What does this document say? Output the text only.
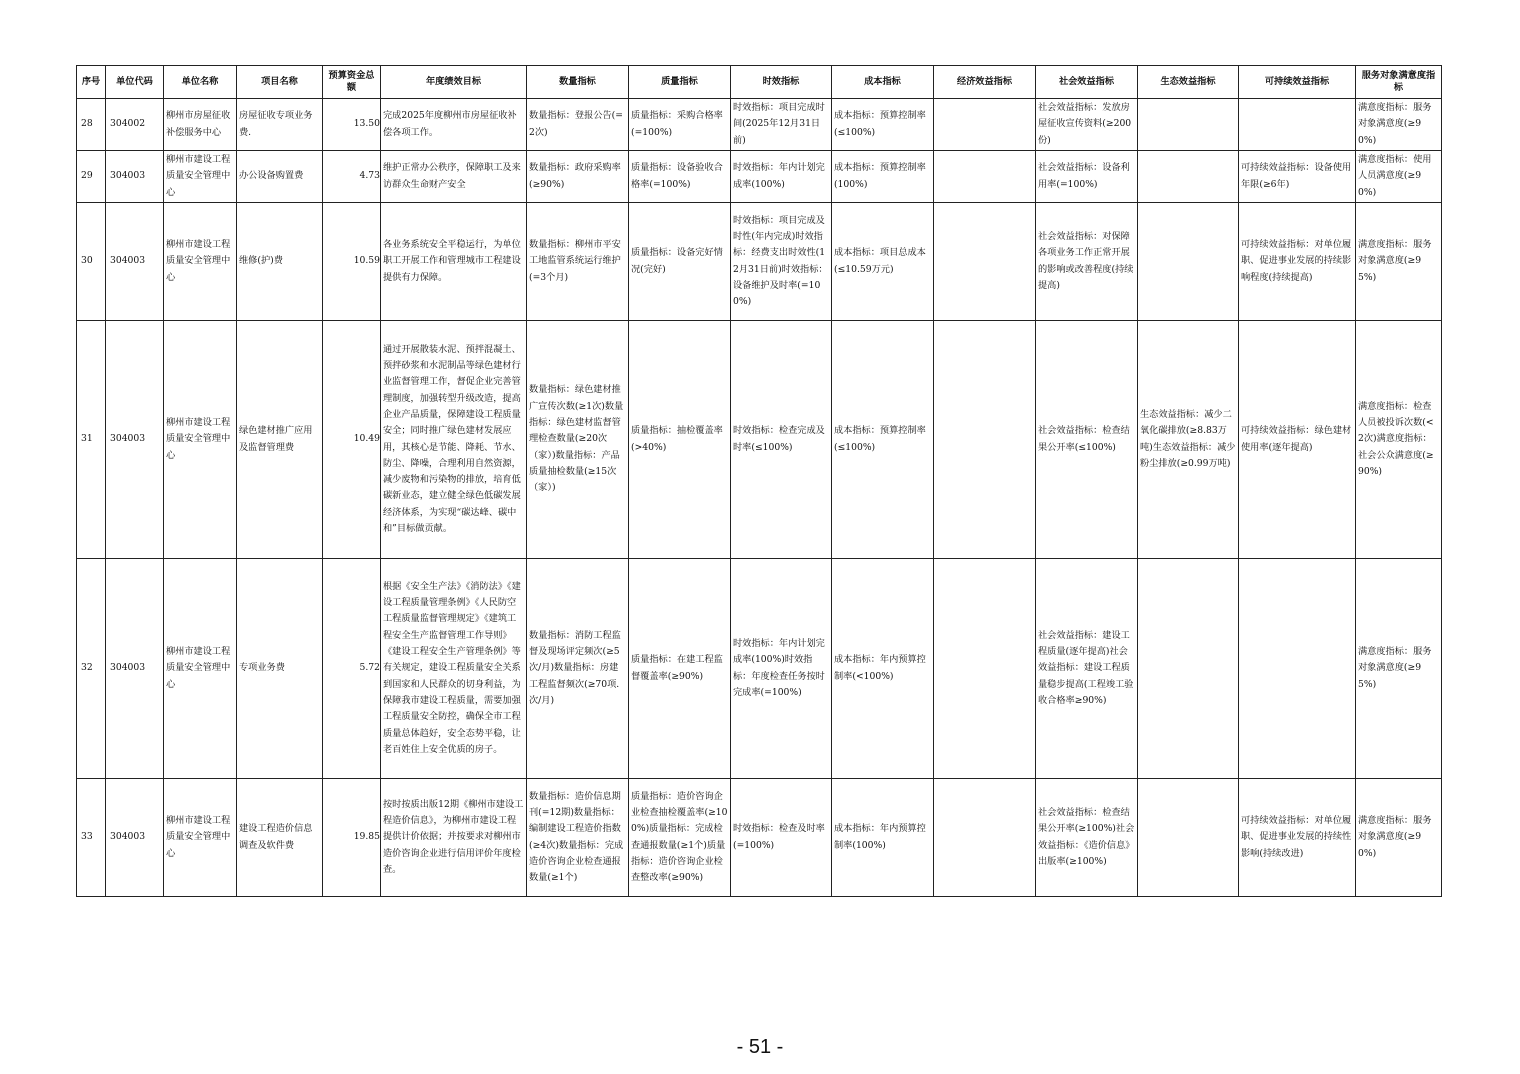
序号	单位代码	单位名称	项目名称	预算资金总额	年度绩效目标	数量指标	质量指标	时效指标	成本指标	经济效益指标	社会效益指标	生态效益指标	可持续效益指标	服务对象满意度指标
28	304002	柳州市房屋征收补偿服务中心	房屋征收专项业务费.	13.50	完成2025年度柳州市房屋征收补偿各项工作。	数量指标：登报公告(=2次)	质量指标：采购合格率(=100%)	时效指标：项目完成时间(2025年12月31日前)	成本指标：预算控制率(≤100%)		社会效益指标：发放房屋征收宣传资料(≥200份)			满意度指标：服务对象满意度(≥90%)
29	304003	柳州市建设工程质量安全管理中心	办公设备购置费	4.73	维护正常办公秩序，保障职工及来访群众生命财产安全	数量指标：政府采购率(≥90%)	质量指标：设备验收合格率(=100%)	时效指标：年内计划完成率(100%)	成本指标：预算控制率(100%)		社会效益指标：设备利用率(=100%)		可持续效益指标：设备使用年限(≥6年)	满意度指标：使用人员满意度(≥90%)
30	304003	柳州市建设工程质量安全管理中心	维修(护)费	10.59	各业务系统安全平稳运行，为单位职工开展工作和管理城市工程建设提供有力保障。	数量指标：柳州市平安工地监管系统运行维护(=3个月)	质量指标：设备完好情况(完好)	时效指标：项目完成及时性(年内完成)时效指标：经费支出时效性(12月31日前)时效指标：设备维护及时率(=100%)	成本指标：项目总成本(≤10.59万元)		社会效益指标：对保障各项业务工作正常开展的影响或改善程度(持续提高)		可持续效益指标：对单位履职、促进事业发展的持续影响程度(持续提高)	满意度指标：服务对象满意度(≥95%)
31	304003	柳州市建设工程质量安全管理中心	绿色建材推广应用及监督管理费	10.49	通过开展散装水泥、预拌混凝土、预拌砂浆和水泥制品等绿色建材行业监督管理工作，督促企业完善管理制度，加强转型升级改造，提高企业产品质量，保障建设工程质量安全；同时推广绿色建材发展应用，其核心是节能、降耗、节水、防尘、降噪，合理利用自然资源，减少废物和污染物的排放，培育低碳新业态，建立健全绿色低碳发展经济体系，为实现“碳达峰、碳中和”目标做贡献。	数量指标：绿色建材推广宣传次数(≥1次)数量指标：绿色建材监督管理检查数量(≥20次（家）)数量指标：产品质量抽检数量(≥15次（家）)	质量指标：抽检覆盖率(>40%)	时效指标：检查完成及时率(≤100%)	成本指标：预算控制率(≤100%)		社会效益指标：检查结果公开率(≤100%)	生态效益指标：减少二氧化碳排放(≥8.83万吨)生态效益指标：减少粉尘排放(≥0.99万吨)	可持续效益指标：绿色建材使用率(逐年提高)	满意度指标：检查人员被投诉次数(<2次)满意度指标：社会公众满意度(≥90%)
32	304003	柳州市建设工程质量安全管理中心	专项业务费	5.72	根据《安全生产法》《消防法》《建设工程质量管理条例》《人民防空工程质量监督管理规定》《建筑工程安全生产监督管理工作导则》《建设工程安全生产管理条例》等有关规定，建设工程质量安全关系到国家和人民群众的切身利益，为保障我市建设工程质量，需要加强工程质量安全防控，确保全市工程质量总体趋好，安全态势平稳，让老百姓住上安全优质的房子。	数量指标：消防工程监督及现场评定频次(≥5次/月)数量指标：房建工程监督频次(≥70项.次/月)	质量指标：在建工程监督覆盖率(≥90%)	时效指标：年内计划完成率(100%)时效指标：年度检查任务按时完成率(=100%)	成本指标：年内预算控制率(<100%)		社会效益指标：建设工程质量(逐年提高)社会效益指标：建设工程质量稳步提高(工程竣工验收合格率≥90%)			满意度指标：服务对象满意度(≥95%)
33	304003	柳州市建设工程质量安全管理中心	建设工程造价信息调查及软件费	19.85	按时按质出版12期《柳州市建设工程造价信息》，为柳州市建设工程提供计价依据；并按要求对柳州市造价咨询企业进行信用评价年度检查。	数量指标：造价信息期刊(=12期)数量指标：编制建设工程造价指数(≥4次)数量指标：完成造价咨询企业检查通报数量(≥1个)	质量指标：造价咨询企业检查抽检覆盖率(≥100%)质量指标：完成检查通报数量(≥1个)质量指标：造价咨询企业检查整改率(≥90%)	时效指标：检查及时率(=100%)	成本指标：年内预算控制率(100%)		社会效益指标：检查结果公开率(≥100%)社会效益指标：《造价信息》出版率(≥100%)		可持续效益指标：对单位履职、促进事业发展的持续性影响(持续改进)	满意度指标：服务对象满意度(≥90%)
- 51 -
